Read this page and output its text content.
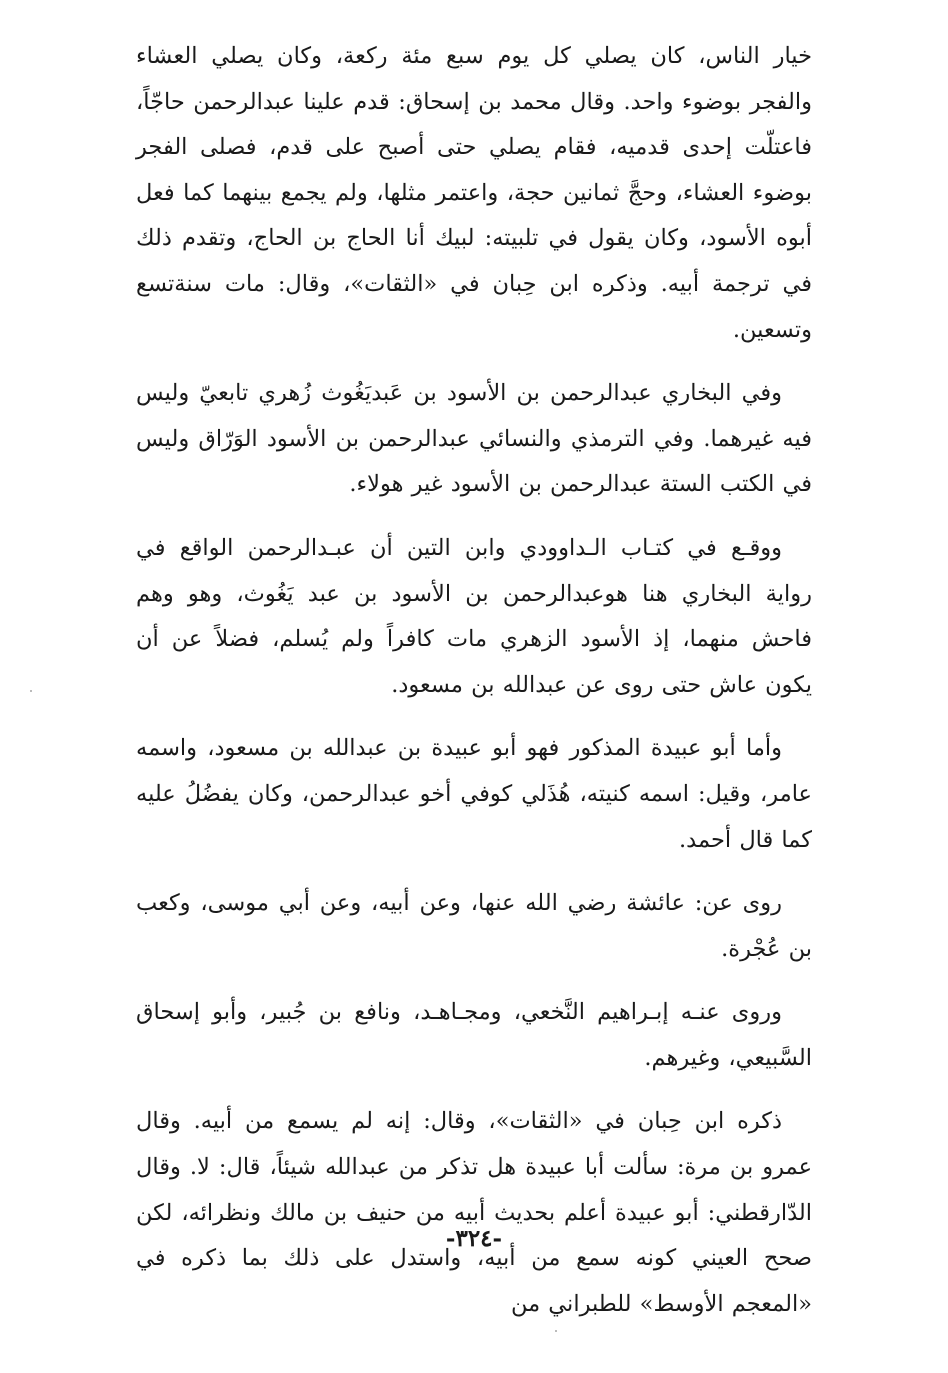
خيار الناس، كان يصلي كل يوم سبع مئة ركعة، وكان يصلي العشاء والفجر بوضوء واحد. وقال محمد بن إسحاق: قدم علينا عبدالرحمن حاجّاً، فاعتلّت إحدى قدميه، فقام يصلي حتى أصبح على قدم، فصلى الفجر بوضوء العشاء، وحجَّ ثمانين حجة، واعتمر مثلها، ولم يجمع بينهما كما فعل أبوه الأسود، وكان يقول في تلبيته: لبيك أنا الحاج بن الحاج، وتقدم ذلك في ترجمة أبيه. وذكره ابن حِبان في «الثقات»، وقال: مات سنةتسع وتسعين.

وفي البخاري عبدالرحمن بن الأسود بن عَبديَغُوث زُهري تابعيّ وليس فيه غيرهما. وفي الترمذي والنسائي عبدالرحمن بن الأسود الوَرّاق وليس في الكتب الستة عبدالرحمن بن الأسود غير هولاء.

ووقـع في كتـاب الـداوودي وابن التين أن عبـدالرحمن الواقع في رواية البخاري هنا هوعبدالرحمن بن الأسود بن عبد يَغُوث، وهو وهم فاحش منهما، إذ الأسود الزهري مات كافراً ولم يُسلم، فضلاً عن أن يكون عاش حتى روى عن عبدالله بن مسعود.

وأما أبو عبيدة المذكور فهو أبو عبيدة بن عبدالله بن مسعود، واسمه عامر، وقيل: اسمه كنيته، هُذَلي كوفي أخو عبدالرحمن، وكان يفضُلُ عليه كما قال أحمد.

روى عن: عائشة رضي الله عنها، وعن أبيه، وعن أبي موسى، وكعب بن عُجْرة.

وروى عنـه إبـراهيم النَّخعي، ومجـاهـد، ونافع بن جُبير، وأبو إسحاق السَّبيعي، وغيرهم.

ذكره ابن حِبان في «الثقات»، وقال: إنه لم يسمع من أبيه. وقال عمرو بن مرة: سألت أبا عبيدة هل تذكر من عبدالله شيئاً، قال: لا. وقال الدّارقطني: أبو عبيدة أعلم بحديث أبيه من حنيف بن مالك ونظرائه، لكن صحح العيني كونه سمع من أبيه، واستدل على ذلك بما ذكره في «المعجم الأوسط» للطبراني من

-٣٢٤-
